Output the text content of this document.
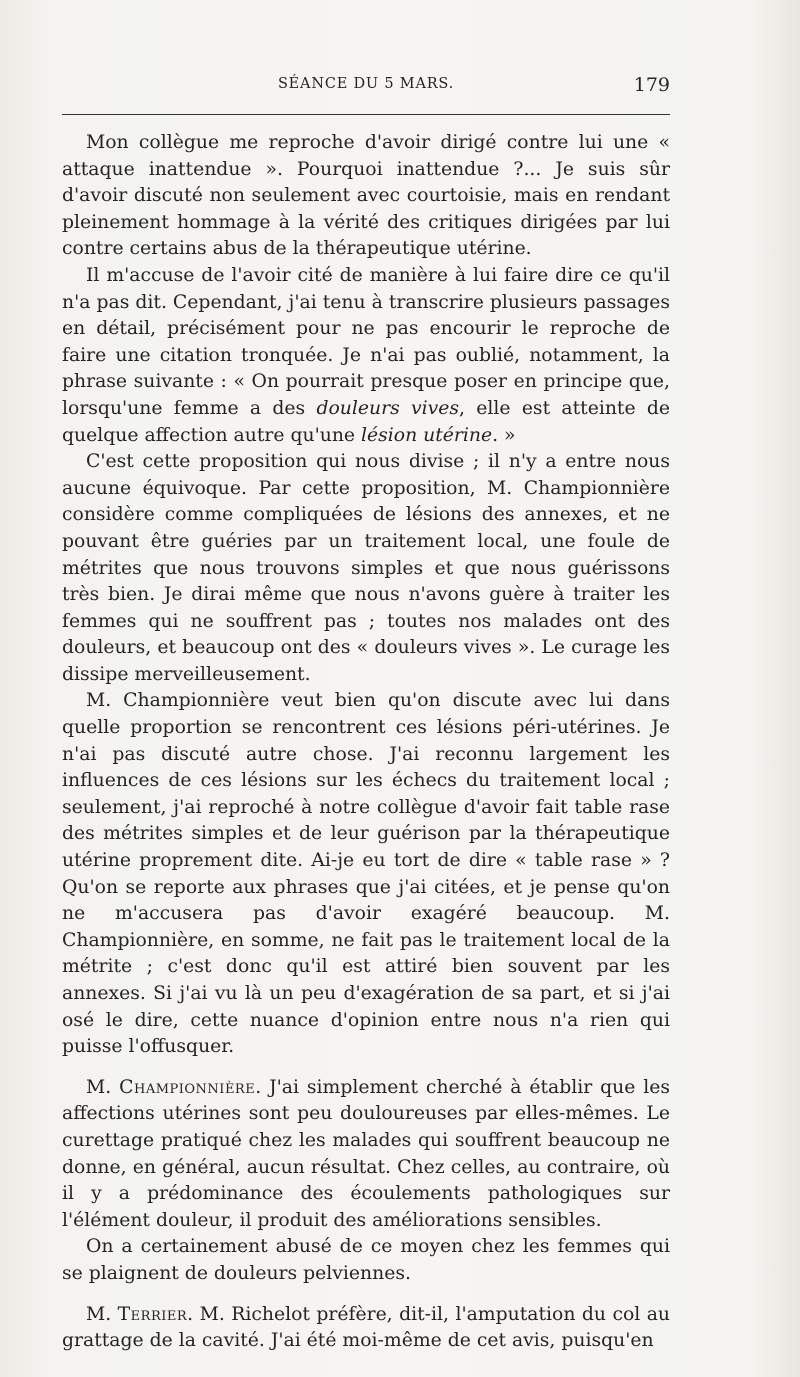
SÉANCE DU 5 MARS.	179

Mon collègue me reproche d'avoir dirigé contre lui une « attaque inattendue ». Pourquoi inattendue ?... Je suis sûr d'avoir discuté non seulement avec courtoisie, mais en rendant pleinement hommage à la vérité des critiques dirigées par lui contre certains abus de la thérapeutique utérine.

Il m'accuse de l'avoir cité de manière à lui faire dire ce qu'il n'a pas dit. Cependant, j'ai tenu à transcrire plusieurs passages en détail, précisément pour ne pas encourir le reproche de faire une citation tronquée. Je n'ai pas oublié, notamment, la phrase suivante : « On pourrait presque poser en principe que, lorsqu'une femme a des douleurs vives, elle est atteinte de quelque affection autre qu'une lésion utérine. »

C'est cette proposition qui nous divise ; il n'y a entre nous aucune équivoque. Par cette proposition, M. Championnière considère comme compliquées de lésions des annexes, et ne pouvant être guéries par un traitement local, une foule de métrites que nous trouvons simples et que nous guérissons très bien. Je dirai même que nous n'avons guère à traiter les femmes qui ne souffrent pas ; toutes nos malades ont des douleurs, et beaucoup ont des « douleurs vives ». Le curage les dissipe merveilleusement.

M. Championnière veut bien qu'on discute avec lui dans quelle proportion se rencontrent ces lésions péri-utérines. Je n'ai pas discuté autre chose. J'ai reconnu largement les influences de ces lésions sur les échecs du traitement local ; seulement, j'ai reproché à notre collègue d'avoir fait table rase des métrites simples et de leur guérison par la thérapeutique utérine proprement dite. Ai-je eu tort de dire « table rase » ? Qu'on se reporte aux phrases que j'ai citées, et je pense qu'on ne m'accusera pas d'avoir exagéré beaucoup. M. Championnière, en somme, ne fait pas le traitement local de la métrite ; c'est donc qu'il est attiré bien souvent par les annexes. Si j'ai vu là un peu d'exagération de sa part, et si j'ai osé le dire, cette nuance d'opinion entre nous n'a rien qui puisse l'offusquer.

M. Championnière. J'ai simplement cherché à établir que les affections utérines sont peu douloureuses par elles-mêmes. Le curettage pratiqué chez les malades qui souffrent beaucoup ne donne, en général, aucun résultat. Chez celles, au contraire, où il y a prédominance des écoulements pathologiques sur l'élément douleur, il produit des améliorations sensibles.

On a certainement abusé de ce moyen chez les femmes qui se plaignent de douleurs pelviennes.

M. Terrier. M. Richelot préfère, dit-il, l'amputation du col au grattage de la cavité. J'ai été moi-même de cet avis, puisqu'en
